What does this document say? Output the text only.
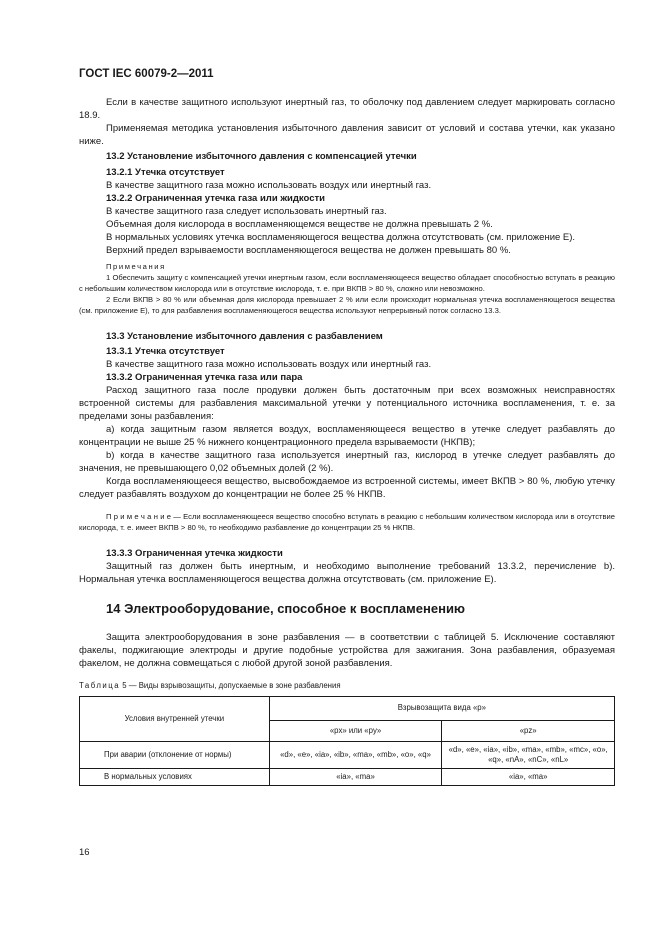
ГОСТ IEC 60079-2—2011

Если в качестве защитного используют инертный газ, то оболочку под давлением следует маркировать согласно 18.9.

Применяемая методика установления избыточного давления зависит от условий и состава утечки, как указано ниже.

13.2 Установление избыточного давления с компенсацией утечки

13.2.1 Утечка отсутствует

В качестве защитного газа можно использовать воздух или инертный газ.

13.2.2 Ограниченная утечка газа или жидкости

В качестве защитного газа следует использовать инертный газ.

Объемная доля кислорода в воспламеняющемся веществе не должна превышать 2 %.

В нормальных условиях утечка воспламеняющегося вещества должна отсутствовать (см. приложение Е).

Верхний предел взрываемости воспламеняющегося вещества не должен превышать 80 %.

Примечания

1 Обеспечить защиту с компенсацией утечки инертным газом, если воспламеняющееся вещество обладает способностью вступать в реакцию с небольшим количеством кислорода или в отсутствие кислорода, т. е. при ВКПВ > 80 %, сложно или невозможно.

2 Если ВКПВ > 80 % или объемная доля кислорода превышает 2 % или если происходит нормальная утечка воспламеняющегося вещества (см. приложение Е), то для разбавления воспламеняющегося вещества используют непрерывный поток согласно 13.3.

13.3 Установление избыточного давления с разбавлением

13.3.1 Утечка отсутствует

В качестве защитного газа можно использовать воздух или инертный газ.

13.3.2 Ограниченная утечка газа или пара

Расход защитного газа после продувки должен быть достаточным при всех возможных неисправностях встроенной системы для разбавления максимальной утечки у потенциального источника воспламенения, т. е. за пределами зоны разбавления:

а) когда защитным газом является воздух, воспламеняющееся вещество в утечке следует разбавлять до концентрации не выше 25 % нижнего концентрационного предела взрываемости (НКПВ);

b) когда в качестве защитного газа используется инертный газ, кислород в утечке следует разбавлять до значения, не превышающего 0,02 объемных долей (2 %).

Когда воспламеняющееся вещество, высвобождаемое из встроенной системы, имеет ВКПВ > 80 %, любую утечку следует разбавлять воздухом до концентрации не более 25 % НКПВ.

П р и м е ч а н и е — Если воспламеняющееся вещество способно вступать в реакцию с небольшим количеством кислорода или в отсутствие кислорода, т. е. имеет ВКПВ > 80 %, то необходимо разбавление до концентрации 25 % НКПВ.

13.3.3 Ограниченная утечка жидкости

Защитный газ должен быть инертным, и необходимо выполнение требований 13.3.2, перечисление b). Нормальная утечка воспламеняющегося вещества должна отсутствовать (см. приложение Е).

14 Электрооборудование, способное к воспламенению

Защита электрооборудования в зоне разбавления — в соответствии с таблицей 5. Исключение составляют факелы, поджигающие электроды и другие подобные устройства для зажигания. Зона разбавления, образуемая факелом, не должна совмещаться с любой другой зоной разбавления.

Таблица 5 — Виды взрывозащиты, допускаемые в зоне разбавления
Условия внутренней утечки	Взрывозащита вида «р»	
	«px» или «py»	«pz»
При аварии (отклонение от нормы)	«d», «e», «ia», «ib», «ma», «mb», «o», «q»	«d», «e», «ia», «ib», «ma», «mb», «mc», «o», «q», «nA», «nC», «nL»
В нормальных условиях	«ia», «ma»	«ia», «ma»
16
